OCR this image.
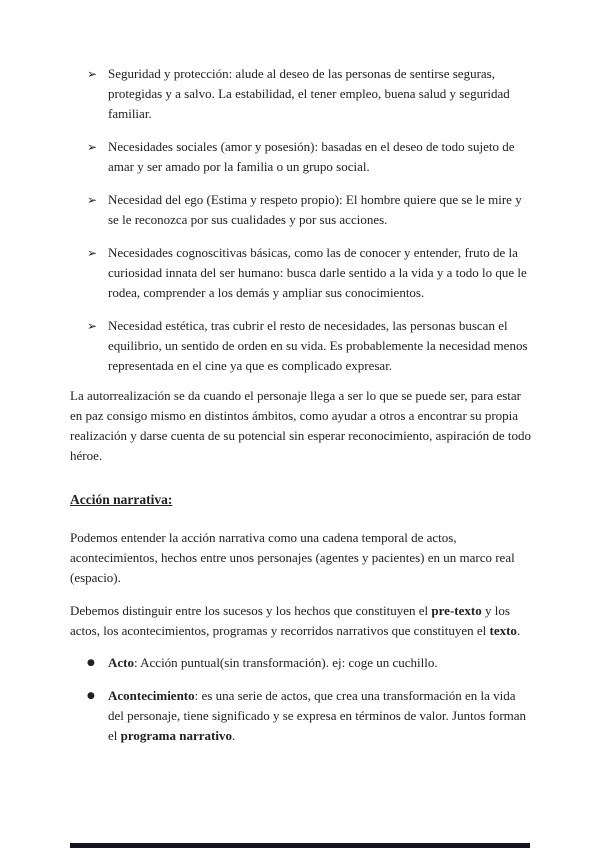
➢ Seguridad y protección: alude al deseo de las personas de sentirse seguras, protegidas y a salvo. La estabilidad, el tener empleo, buena salud y seguridad familiar.
➢ Necesidades sociales (amor y posesión): basadas en el deseo de todo sujeto de amar y ser amado por la familia o un grupo social.
➢ Necesidad del ego (Estima y respeto propio): El hombre quiere que se le mire y se le reconozca por sus cualidades y por sus acciones.
➢ Necesidades cognoscitivas básicas, como las de conocer y entender, fruto de la curiosidad innata del ser humano: busca darle sentido a la vida y a todo lo que le rodea, comprender a los demás y ampliar sus conocimientos.
➢ Necesidad estética, tras cubrir el resto de necesidades, las personas buscan el equilibrio, un sentido de orden en su vida. Es probablemente la necesidad menos representada en el cine ya que es complicado expresar.

La autorrealización se da cuando el personaje llega a ser lo que se puede ser, para estar en paz consigo mismo en distintos ámbitos, como ayudar a otros a encontrar su propia realización y darse cuenta de su potencial sin esperar reconocimiento, aspiración de todo héroe.

Acción narrativa:

Podemos entender la acción narrativa como una cadena temporal de actos, acontecimientos, hechos entre unos personajes (agentes y pacientes) en un marco real (espacio).

Debemos distinguir entre los sucesos y los hechos que constituyen el pre-texto y los actos, los acontecimientos, programas y recorridos narrativos que constituyen el texto.

●	Acto: Acción puntual(sin transformación). ej: coge un cuchillo.
●	Acontecimiento: es una serie de actos, que crea una transformación en la vida del personaje, tiene significado y se expresa en términos de valor. Juntos forman el programa narrativo.
